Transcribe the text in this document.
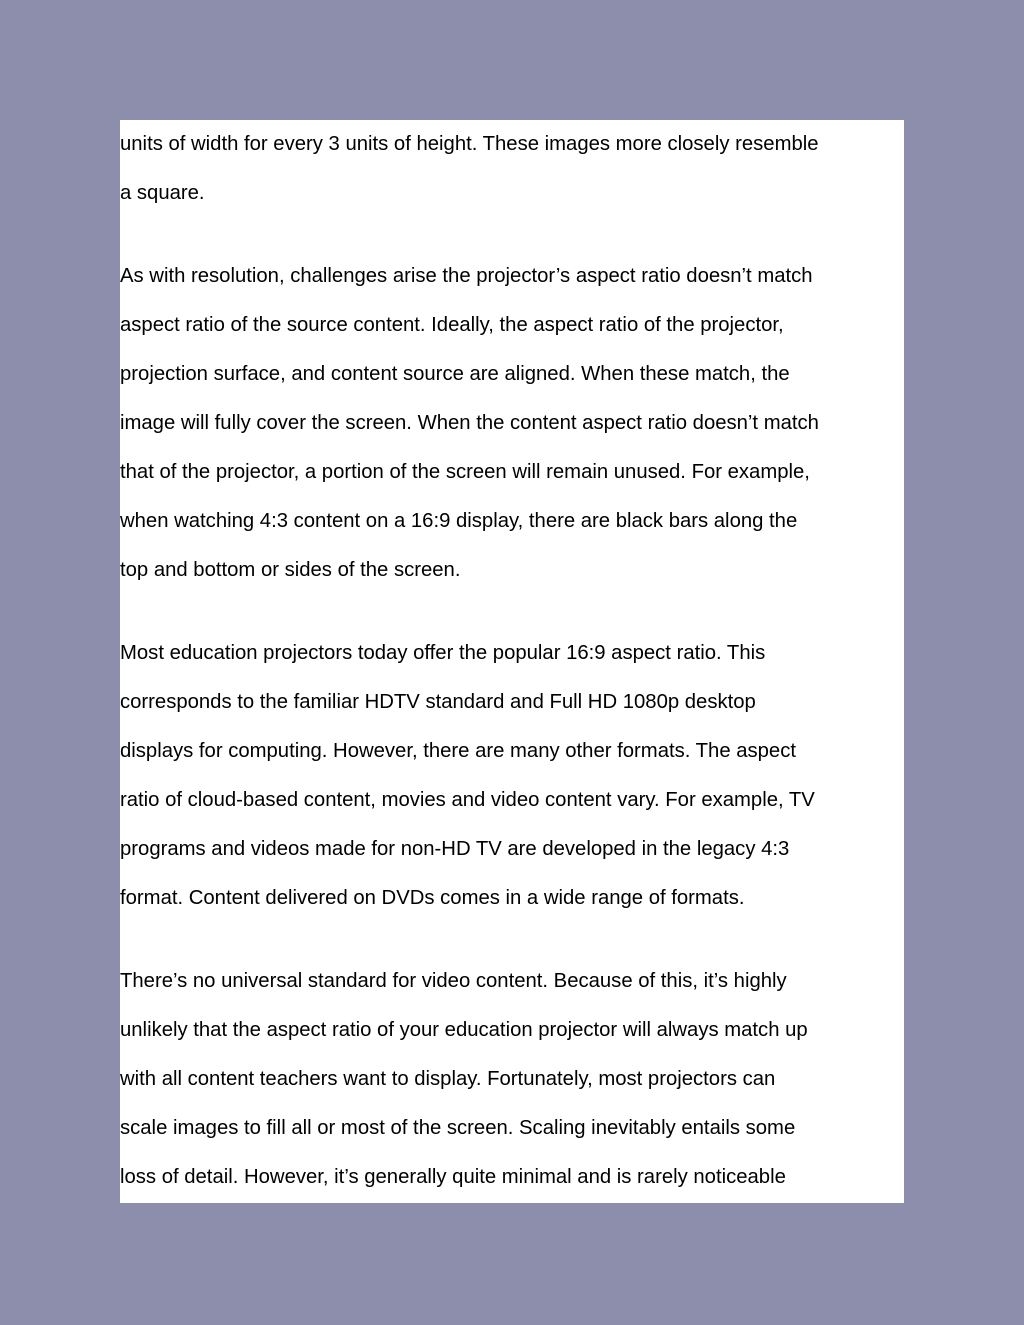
units of width for every 3 units of height. These images more closely resemble
a square.

As with resolution, challenges arise the projector’s aspect ratio doesn’t match
aspect ratio of the source content. Ideally, the aspect ratio of the projector,
projection surface, and content source are aligned. When these match, the
image will fully cover the screen. When the content aspect ratio doesn’t match
that of the projector, a portion of the screen will remain unused. For example,
when watching 4:3 content on a 16:9 display, there are black bars along the
top and bottom or sides of the screen.

Most education projectors today offer the popular 16:9 aspect ratio. This
corresponds to the familiar HDTV standard and Full HD 1080p desktop
displays for computing. However, there are many other formats. The aspect
ratio of cloud-based content, movies and video content vary. For example, TV
programs and videos made for non-HD TV are developed in the legacy 4:3
format. Content delivered on DVDs comes in a wide range of formats.

There’s no universal standard for video content. Because of this, it’s highly
unlikely that the aspect ratio of your education projector will always match up
with all content teachers want to display. Fortunately, most projectors can
scale images to fill all or most of the screen. Scaling inevitably entails some
loss of detail. However, it’s generally quite minimal and is rarely noticeable
